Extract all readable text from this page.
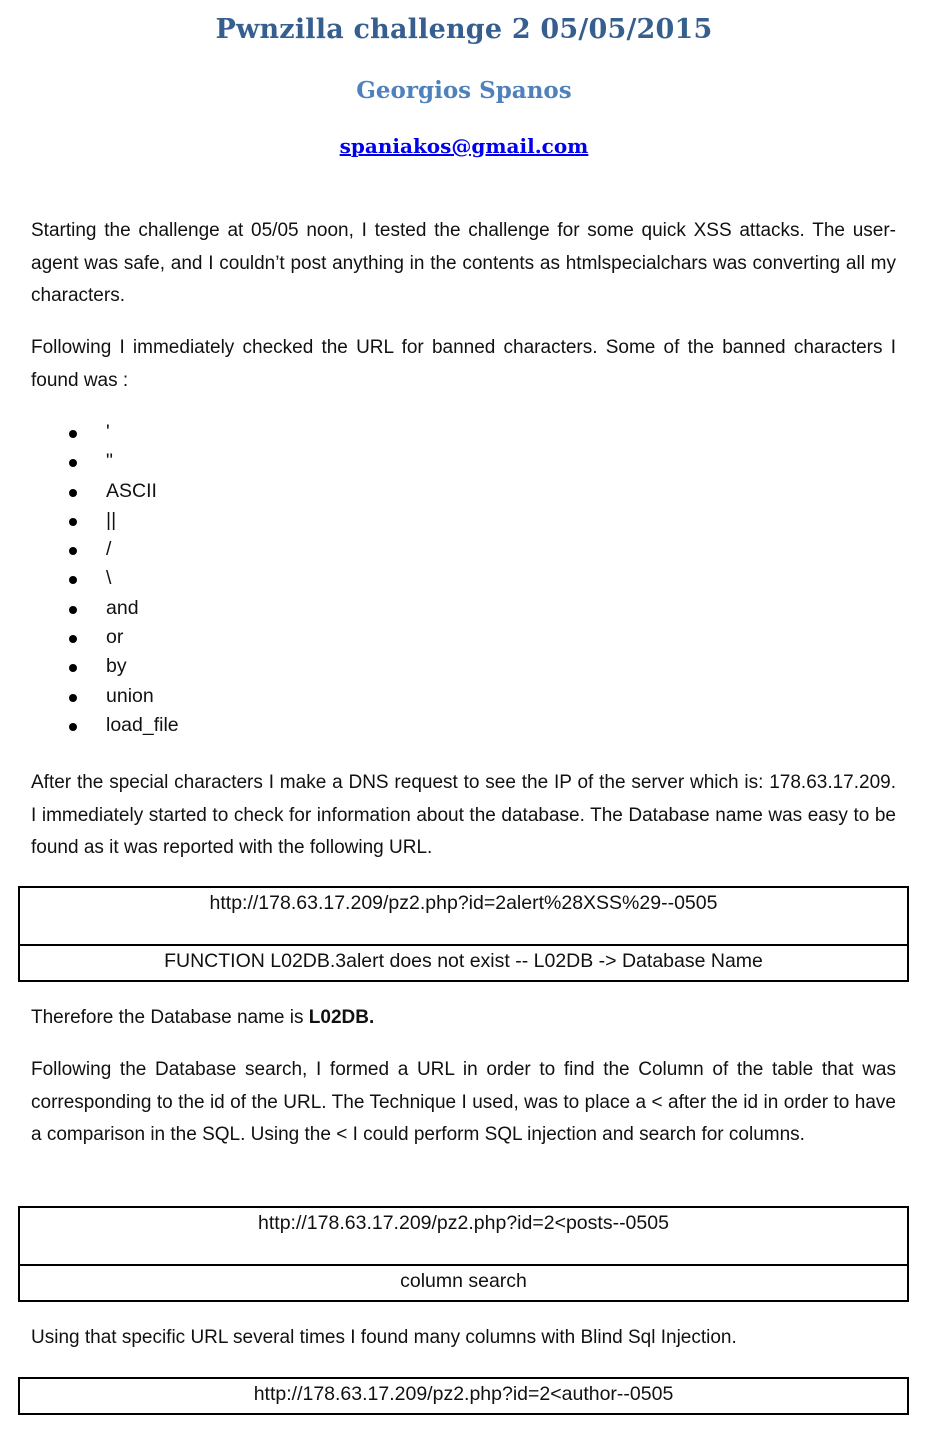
Pwnzilla challenge 2 05/05/2015
Georgios Spanos
spaniakos@gmail.com

Starting the challenge at 05/05 noon, I tested the challenge for some quick XSS attacks. The user-agent was safe, and I couldn’t post anything in the contents as htmlspecialchars was converting all my characters.

Following I immediately checked the URL for banned characters. Some of the banned characters I found was :

'
"
ASCII
||
/
\
and
or
by
union
load_file

After the special characters I make a DNS request to see the IP of the server which is: 178.63.17.209. I immediately started to check for information about the database. The Database name was easy to be found as it was reported with the following URL.

http://178.63.17.209/pz2.php?id=2alert%28XSS%29--0505
FUNCTION L02DB.3alert does not exist -- L02DB -> Database Name

Therefore the Database name is L02DB.

Following the Database search, I formed a URL in order to find the Column of the table that was corresponding to the id of the URL. The Technique I used, was to place a < after the id in order to have a comparison in the SQL. Using the < I could perform SQL injection and search for columns.

http://178.63.17.209/pz2.php?id=2<posts--0505
column search

Using that specific URL several times I found many columns with Blind Sql Injection.

http://178.63.17.209/pz2.php?id=2<author--0505
